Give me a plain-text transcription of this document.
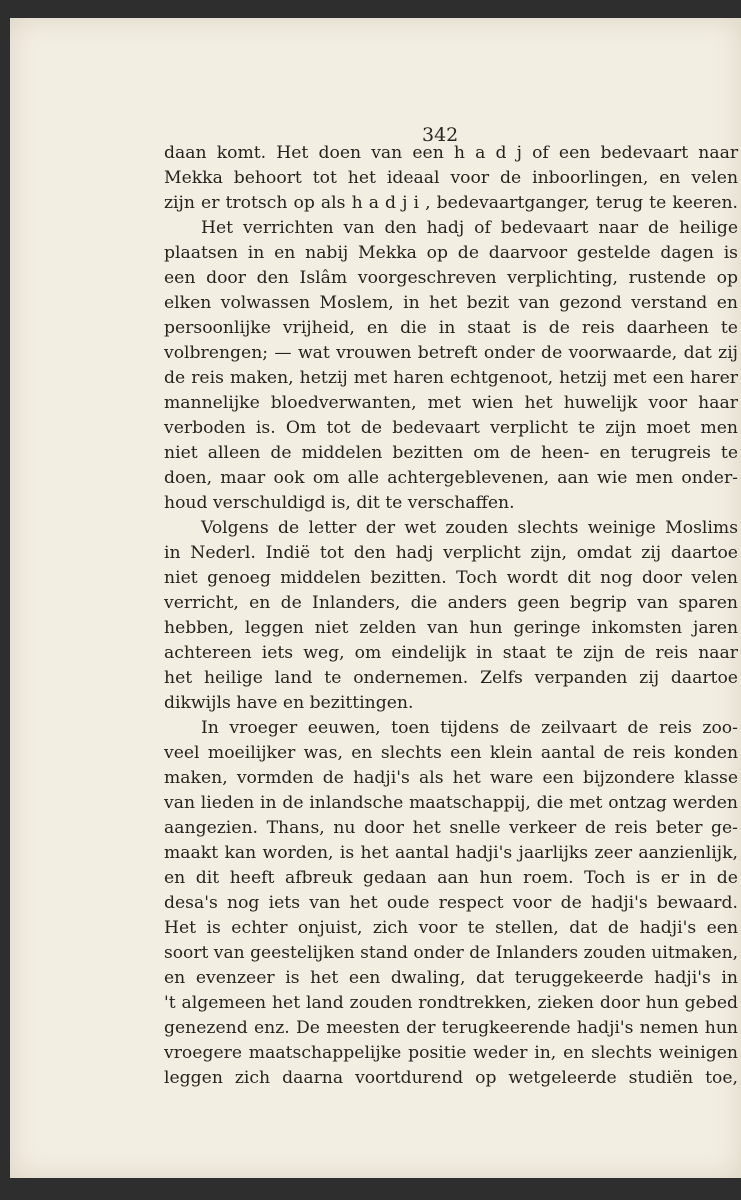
342

daan komt. Het doen van een h a d j of een bedevaart naar

Mekka behoort tot het ideaal voor de inboorlingen, en velen

zijn er trotsch op als h a d j i , bedevaartganger, terug te keeren.

Het verrichten van den hadj of bedevaart naar de heilige

plaatsen in en nabij Mekka op de daarvoor gestelde dagen is

een door den Islâm voorgeschreven verplichting, rustende op

elken volwassen Moslem, in het bezit van gezond verstand en

persoonlijke vrijheid, en die in staat is de reis daarheen te

volbrengen; — wat vrouwen betreft onder de voorwaarde, dat zij

de reis maken, hetzij met haren echtgenoot, hetzij met een harer

mannelijke bloedverwanten, met wien het huwelijk voor haar

verboden is. Om tot de bedevaart verplicht te zijn moet men

niet alleen de middelen bezitten om de heen- en terugreis te

doen, maar ook om alle achtergeblevenen, aan wie men onder-

houd verschuldigd is, dit te verschaffen.

Volgens de letter der wet zouden slechts weinige Moslims

in Nederl. Indië tot den hadj verplicht zijn, omdat zij daartoe

niet genoeg middelen bezitten. Toch wordt dit nog door velen

verricht, en de Inlanders, die anders geen begrip van sparen

hebben, leggen niet zelden van hun geringe inkomsten jaren

achtereen iets weg, om eindelijk in staat te zijn de reis naar

het heilige land te ondernemen. Zelfs verpanden zij daartoe

dikwijls have en bezittingen.

In vroeger eeuwen, toen tijdens de zeilvaart de reis zoo-

veel moeilijker was, en slechts een klein aantal de reis konden

maken, vormden de hadji's als het ware een bijzondere klasse

van lieden in de inlandsche maatschappij, die met ontzag werden

aangezien. Thans, nu door het snelle verkeer de reis beter ge-

maakt kan worden, is het aantal hadji's jaarlijks zeer aanzienlijk,

en dit heeft afbreuk gedaan aan hun roem. Toch is er in de

desa's nog iets van het oude respect voor de hadji's bewaard.

Het is echter onjuist, zich voor te stellen, dat de hadji's een

soort van geestelijken stand onder de Inlanders zouden uitmaken,

en evenzeer is het een dwaling, dat teruggekeerde hadji's in

't algemeen het land zouden rondtrekken, zieken door hun gebed

genezend enz. De meesten der terugkeerende hadji's nemen hun

vroegere maatschappelijke positie weder in, en slechts weinigen

leggen zich daarna voortdurend op wetgeleerde studiën toe,
